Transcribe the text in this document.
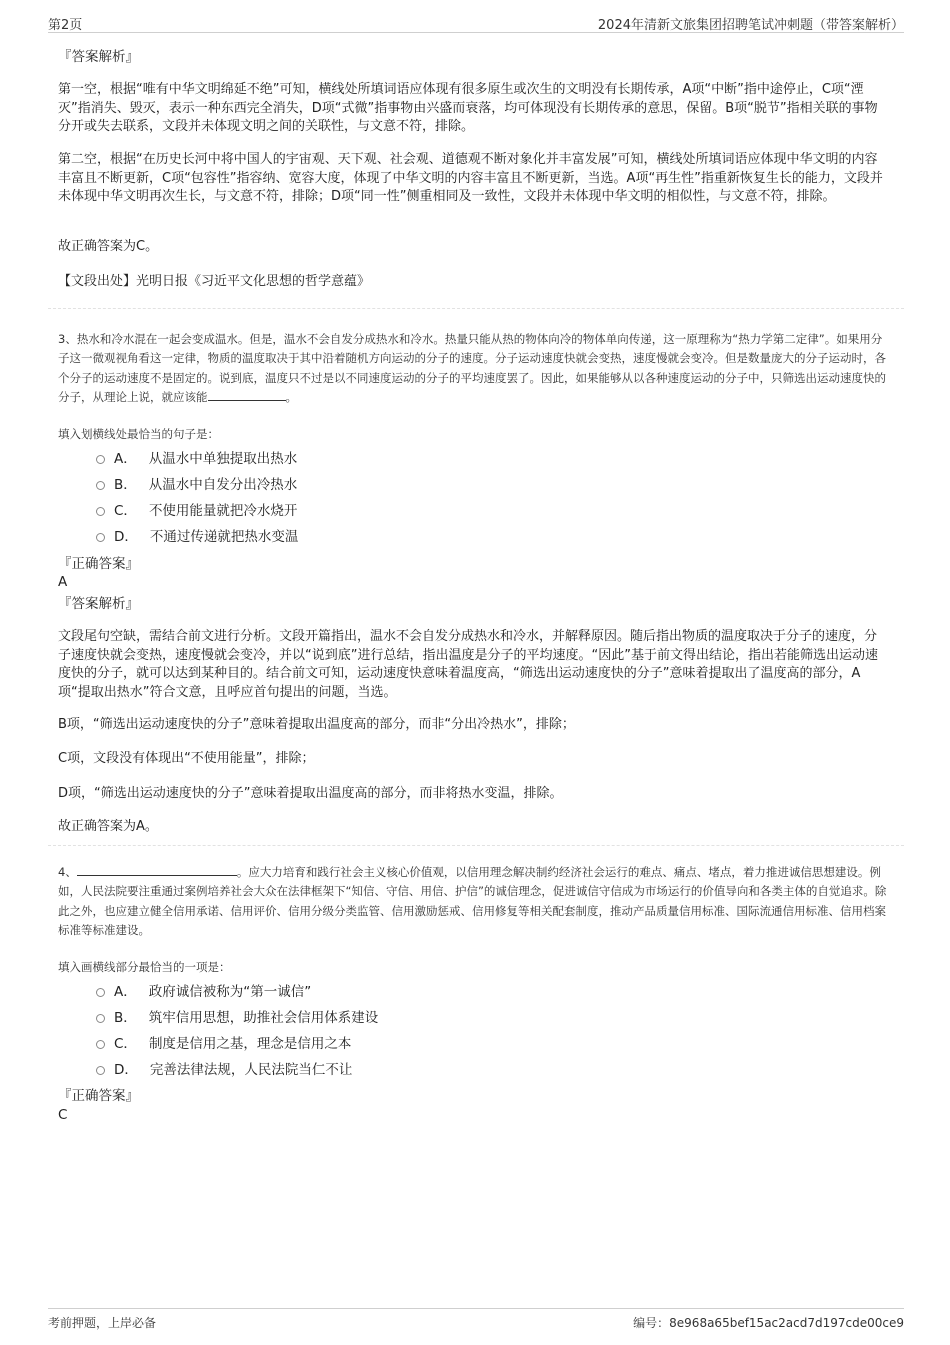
第2页	2024年清新文旅集团招聘笔试冲刺题（带答案解析）
『答案解析』

第一空，根据“唯有中华文明绵延不绝”可知，横线处所填词语应体现有很多原生或次生的文明没有长期传承，A项“中断”指中途停止，C项“湮灭”指消失、毁灭，表示一种东西完全消失，D项“式微”指事物由兴盛而衰落，均可体现没有长期传承的意思，保留。B项“脱节”指相关联的事物分开或失去联系，文段并未体现文明之间的关联性，与文意不符，排除。

第二空，根据“在历史长河中将中国人的宇宙观、天下观、社会观、道德观不断对象化并丰富发展”可知，横线处所填词语应体现中华文明的内容丰富且不断更新，C项“包容性”指容纳、宽容大度，体现了中华文明的内容丰富且不断更新，当选。A项“再生性”指重新恢复生长的能力，文段并未体现中华文明再次生长，与文意不符，排除；D项“同一性”侧重相同及一致性，文段并未体现中华文明的相似性，与文意不符，排除。

故正确答案为C。

【文段出处】光明日报《习近平文化思想的哲学意蕴》

3、热水和冷水混在一起会变成温水。但是，温水不会自发分成热水和冷水。热量只能从热的物体向冷的物体单向传递，这一原理称为“热力学第二定律”。如果用分子这一微观视角看这一定律，物质的温度取决于其中沿着随机方向运动的分子的速度。分子运动速度快就会变热，速度慢就会变冷。但是数量庞大的分子运动时，各个分子的运动速度不是固定的。说到底，温度只不过是以不同速度运动的分子的平均速度罢了。因此，如果能够从以各种速度运动的分子中，只筛选出运动速度快的分子，从理论上说，就应该能	。

填入划横线处最恰当的句子是：

A． 从温水中单独提取出热水
B． 从温水中自发分出冷热水
C． 不使用能量就把冷水烧开
D． 不通过传递就把热水变温
『正确答案』
A
『答案解析』

文段尾句空缺，需结合前文进行分析。文段开篇指出，温水不会自发分成热水和冷水，并解释原因。随后指出物质的温度取决于分子的速度，分子速度快就会变热，速度慢就会变冷，并以“说到底”进行总结，指出温度是分子的平均速度。“因此”基于前文得出结论，指出若能筛选出运动速度快的分子，就可以达到某种目的。结合前文可知，运动速度快意味着温度高，“筛选出运动速度快的分子”意味着提取出了温度高的部分，A项“提取出热水”符合文意，且呼应首句提出的问题，当选。

B项，“筛选出运动速度快的分子”意味着提取出温度高的部分，而非“分出冷热水”，排除；

C项，文段没有体现出“不使用能量”，排除；

D项，“筛选出运动速度快的分子”意味着提取出温度高的部分，而非将热水变温，排除。

故正确答案为A。

4、	。应大力培育和践行社会主义核心价值观，以信用理念解决制约经济社会运行的难点、痛点、堵点，着力推进诚信思想建设。例如，人民法院要注重通过案例培养社会大众在法律框架下“知信、守信、用信、护信”的诚信理念，促进诚信守信成为市场运行的价值导向和各类主体的自觉追求。除此之外，也应建立健全信用承诺、信用评价、信用分级分类监管、信用激励惩戒、信用修复等相关配套制度，推动产品质量信用标准、国际流通信用标准、信用档案标准等标准建设。

填入画横线部分最恰当的一项是：

A． 政府诚信被称为“第一诚信”
B． 筑牢信用思想，助推社会信用体系建设
C． 制度是信用之基，理念是信用之本
D． 完善法律法规，人民法院当仁不让
『正确答案』
C
考前押题，上岸必备	编号：8e968a65bef15ac2acd7d197cde00ce9
